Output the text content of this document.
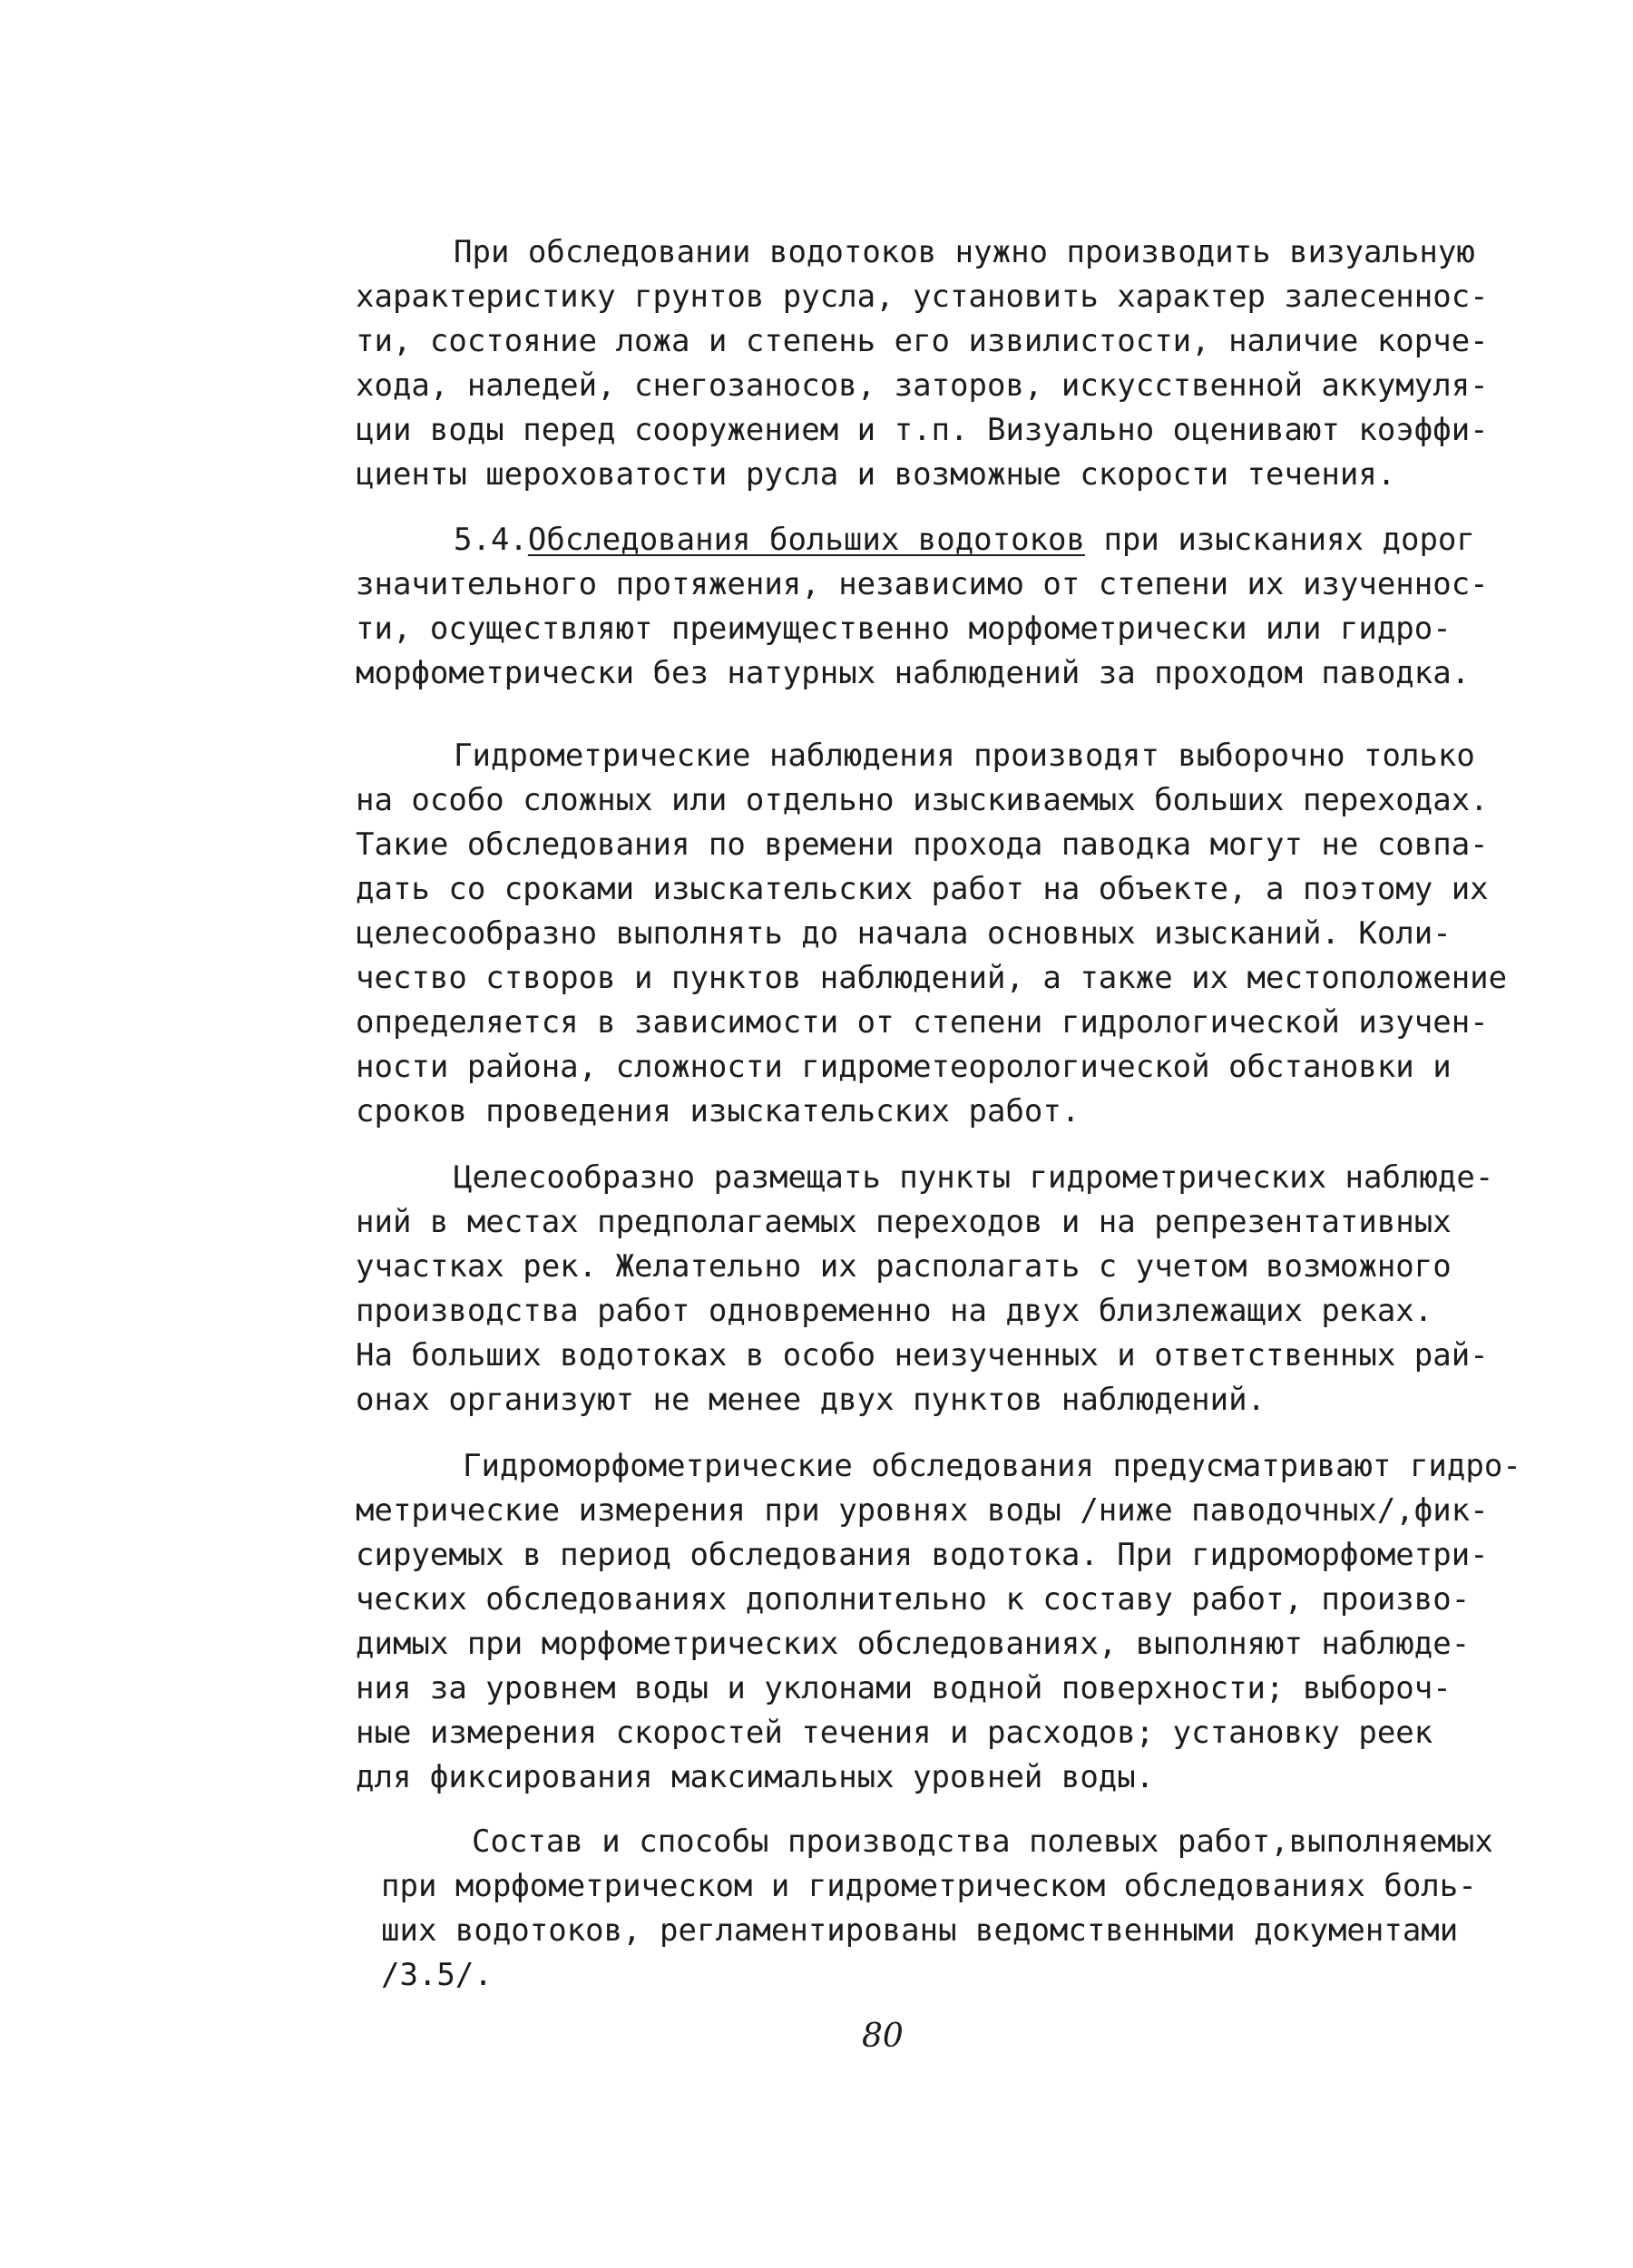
При обследовании водотоков нужно производить визуальную
характеристику грунтов русла, установить характер залесеннос-
ти, состояние ложа и степень его извилистости, наличие корче-
хода, наледей, снегозаносов, заторов, искусственной аккумуля-
ции воды перед сооружением и т.п. Визуально оценивают коэффи-
циенты шероховатости русла и возможные скорости течения.
5.4.Обследования больших водотоков при изысканиях дорог
значительного протяжения, независимо от степени их изученнос-
ти, осуществляют преимущественно морфометрически или гидро-
морфометрически без натурных наблюдений за проходом паводка.
Гидрометрические наблюдения производят выборочно только
на особо сложных или отдельно изыскиваемых больших переходах.
Такие обследования по времени прохода паводка могут не совпа-
дать со сроками изыскательских работ на объекте, а поэтому их
целесообразно выполнять до начала основных изысканий. Коли-
чество створов и пунктов наблюдений, а также их местоположение
определяется в зависимости от степени гидрологической изучен-
ности района, сложности гидрометеорологической обстановки и
сроков проведения изыскательских работ.
Целесообразно размещать пункты гидрометрических наблюде-
ний в местах предполагаемых переходов и на репрезентативных
участках рек. Желательно их располагать с учетом возможного
производства работ одновременно на двух близлежащих реках.
На больших водотоках в особо неизученных и ответственных рай-
онах организуют не менее двух пунктов наблюдений.
Гидроморфометрические обследования предусматривают гидро-
метрические измерения при уровнях воды /ниже паводочных/,фик-
сируемых в период обследования водотока. При гидроморфометри-
ческих обследованиях дополнительно к составу работ, произво-
димых при морфометрических обследованиях, выполняют наблюде-
ния за уровнем воды и уклонами водной поверхности; выбороч-
ные измерения скоростей течения и расходов; установку реек
для фиксирования максимальных уровней воды.
Состав и способы производства полевых работ,выполняемых
при морфометрическом и гидрометрическом обследованиях боль-
ших водотоков, регламентированы ведомственными документами
/3.5/.
80
